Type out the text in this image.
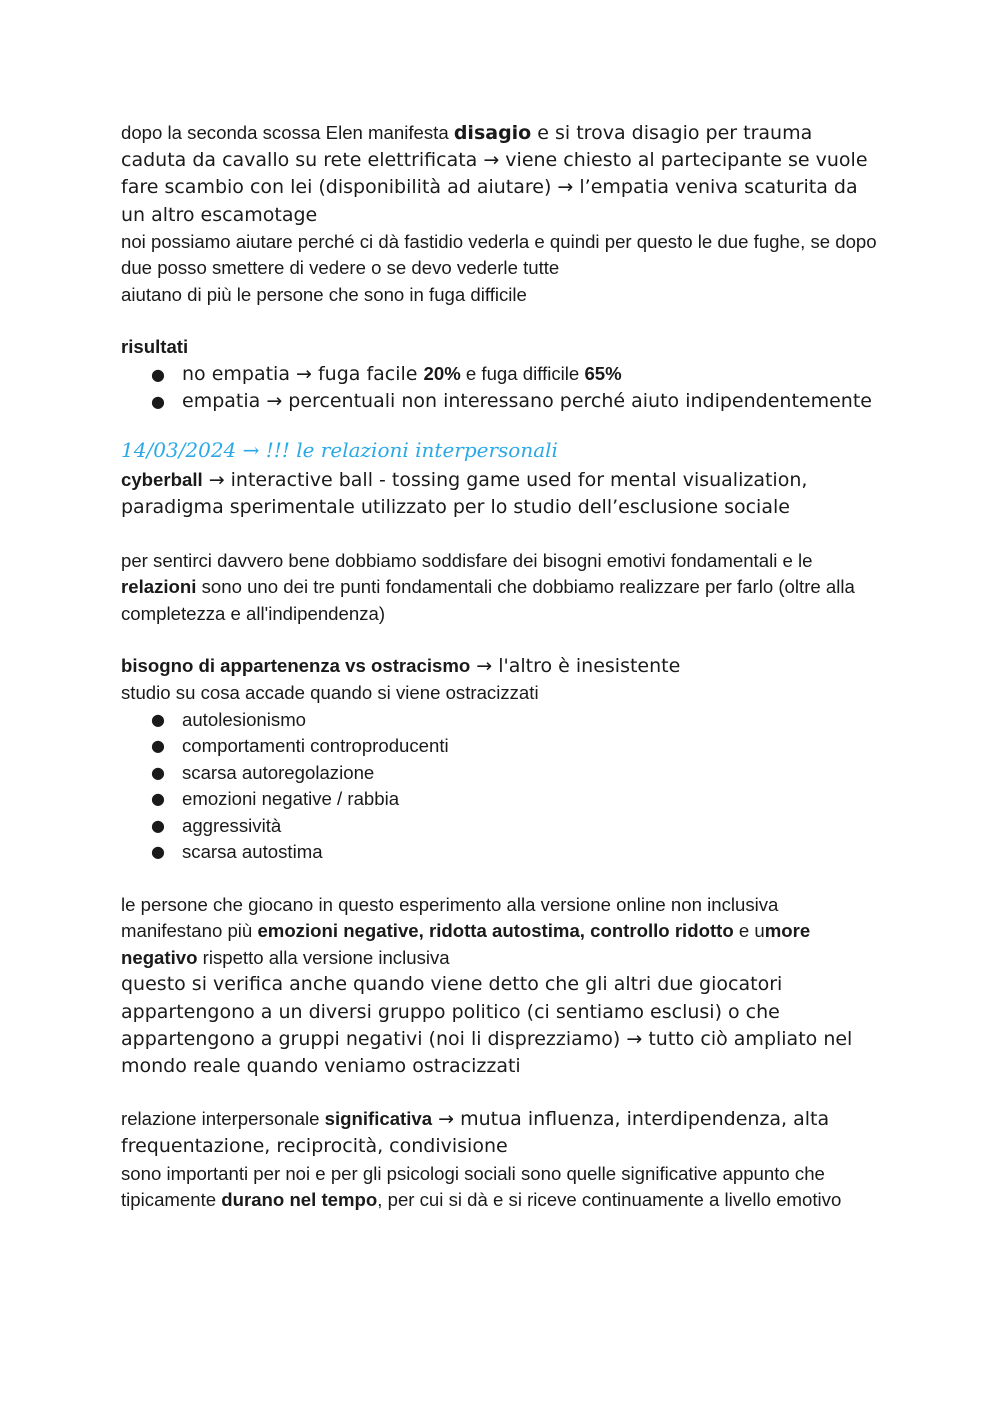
dopo la seconda scossa Elen manifesta disagio e si trova disagio per trauma caduta da cavallo su rete elettrificata → viene chiesto al partecipante se vuole fare scambio con lei (disponibilità ad aiutare) → l’empatia veniva scaturita da un altro escamotage

noi possiamo aiutare perché ci dà fastidio vederla e quindi per questo le due fughe, se dopo due posso smettere di vedere o se devo vederle tutte

aiutano di più le persone che sono in fuga difficile

risultati

● no empatia → fuga facile 20% e fuga difficile 65%
● empatia → percentuali non interessano perché aiuto indipendentemente
14/03/2024 → !!! le relazioni interpersonali

cyberball → interactive ball - tossing game used for mental visualization, paradigma sperimentale utilizzato per lo studio dell’esclusione sociale

per sentirci davvero bene dobbiamo soddisfare dei bisogni emotivi fondamentali e le relazioni sono uno dei tre punti fondamentali che dobbiamo realizzare per farlo (oltre alla completezza e all'indipendenza)

bisogno di appartenenza vs ostracismo → l'altro è inesistente

studio su cosa accade quando si viene ostracizzati

● autolesionismo
● comportamenti controproducenti
● scarsa autoregolazione
● emozioni negative / rabbia
● aggressività
● scarsa autostima

le persone che giocano in questo esperimento alla versione online non inclusiva manifestano più emozioni negative, ridotta autostima, controllo ridotto e umore negativo rispetto alla versione inclusiva

questo si verifica anche quando viene detto che gli altri due giocatori appartengono a un diversi gruppo politico (ci sentiamo esclusi) o che appartengono a gruppi negativi (noi li disprezziamo) → tutto ciò ampliato nel mondo reale quando veniamo ostracizzati

relazione interpersonale significativa → mutua influenza, interdipendenza, alta frequentazione, reciprocità, condivisione

sono importanti per noi e per gli psicologi sociali sono quelle significative appunto che tipicamente durano nel tempo, per cui si dà e si riceve continuamente a livello emotivo
